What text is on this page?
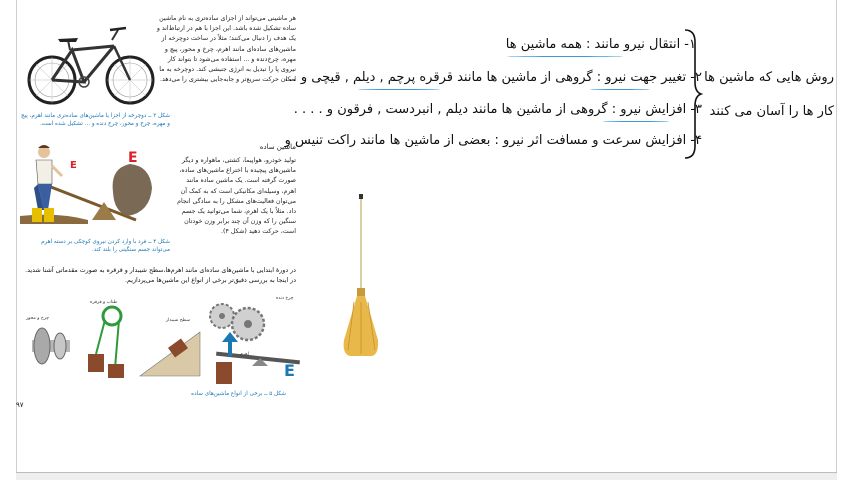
هر ماشینی می‌تواند از اجزای ساده‌تری به نام ماشین ساده تشکیل شده باشد. این اجزا با هم در ارتباط‌اند و یک هدف را دنبال می‌کنند؛ مثلاً در ساخت دوچرخه از ماشین‌های ساده‌ای مانند اهرم، چرخ و محور، پیچ و مهره، چرخ‌دنده و ... استفاده می‌شود تا بتواند کار نیروی پا را تبدیل به انرژی جنبشی کند. دوچرخه به ما امکان حرکت سریع‌تر و جابه‌جایی بیشتری را می‌دهد.
شکل ۳ ــ دوچرخه از اجزا یا ماشین‌های ساده‌تری مانند اهرم، پیچ و مهره، چرخ و محور، چرخ دنده و ... تشکیل شده است.
ماشین ساده
E
E	تولید خودرو، هواپیما، کشتی، ماهواره و دیگر ماشین‌های پیچیده با اختراع ماشین‌های ساده، صورت گرفته است. یک ماشین ساده مانند اهرم، وسیله‌ای مکانیکی است که به کمک آن می‌توان فعالیت‌های مشکل را به سادگی انجام داد. مثلاً با یک اهرم، شما می‌توانید یک جسم سنگین را که وزن آن چند برابر وزن خودتان است، حرکت دهید (شکل ۴).
شکل ۴ ــ فرد با وارد کردن نیروی کوچکی بر دسته اهرم می‌تواند جسم سنگینی را بلند کند.
در دورهٔ ابتدایی با ماشین‌های ساده‌ای مانند اهرم‌ها،سطح شیبدار و قرقره به صورت مقدماتی آشنا شدید. در اینجا به بررسی دقیق‌تر برخی از انواع این ماشین‌ها می‌پردازیم.
E
چرخ و محور
طناب و قرقره
سطح شیبدار
چرخ دنده
اهرم
شکل ۵ ــ برخی از انواع ماشین‌های ساده
۹۷
۱- انتقال نیرو مانند : همه ماشین ها
۲- تغییر جهت نیرو : گروهی از ماشین ها مانند قرقره پرچم , دیلم , قیچی و ...
۳- افزایش نیرو : گروهی از ماشین ها مانند دیلم , انبردست , فرقون و . . . .
۴- افزایش سرعت و مسافت اثر نیرو : بعضی از ماشین ها مانند راکت تنیس و
روش هایی که ماشین ها
کار ها را آسان می کنند
